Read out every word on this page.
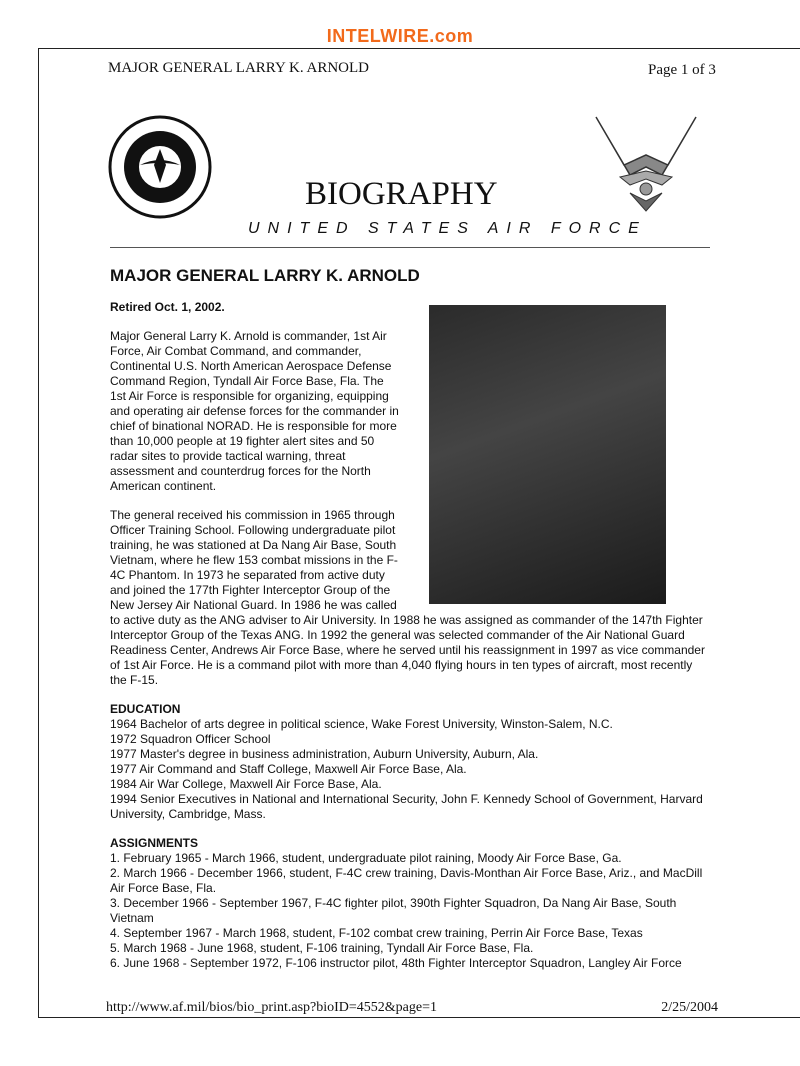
INTELWIRE.com
MAJOR GENERAL LARRY K. ARNOLD	Page 1 of 3
BIOGRAPHY
UNITED STATES AIR FORCE
MAJOR GENERAL LARRY K. ARNOLD
Retired Oct. 1, 2002.

Major General Larry K. Arnold is commander, 1st Air Force, Air Combat Command, and commander, Continental U.S. North American Aerospace Defense Command Region, Tyndall Air Force Base, Fla. The 1st Air Force is responsible for organizing, equipping and operating air defense forces for the commander in chief of binational NORAD. He is responsible for more than 10,000 people at 19 fighter alert sites and 50 radar sites to provide tactical warning, threat assessment and counterdrug forces for the North American continent.

The general received his commission in 1965 through Officer Training School. Following undergraduate pilot training, he was stationed at Da Nang Air Base, South Vietnam, where he flew 153 combat missions in the F-4C Phantom. In 1973 he separated from active duty and joined the 177th Fighter Interceptor Group of the New Jersey Air National Guard. In 1986 he was called to active duty as the ANG adviser to Air University. In 1988 he was assigned as commander of the 147th Fighter Interceptor Group of the Texas ANG. In 1992 the general was selected commander of the Air National Guard Readiness Center, Andrews Air Force Base, where he served until his reassignment in 1997 as vice commander of 1st Air Force. He is a command pilot with more than 4,040 flying hours in ten types of aircraft, most recently the F-15.

EDUCATION
1964 Bachelor of arts degree in political science, Wake Forest University, Winston-Salem, N.C.
1972 Squadron Officer School
1977 Master's degree in business administration, Auburn University, Auburn, Ala.
1977 Air Command and Staff College, Maxwell Air Force Base, Ala.
1984 Air War College, Maxwell Air Force Base, Ala.
1994 Senior Executives in National and International Security, John F. Kennedy School of Government, Harvard University, Cambridge, Mass.
ASSIGNMENTS
1. February 1965 - March 1966, student, undergraduate pilot raining, Moody Air Force Base, Ga.
2. March 1966 - December 1966, student, F-4C crew training, Davis-Monthan Air Force Base, Ariz., and MacDill Air Force Base, Fla.
3. December 1966 - September 1967, F-4C fighter pilot, 390th Fighter Squadron, Da Nang Air Base, South Vietnam
4. September 1967 - March 1968, student, F-102 combat crew training, Perrin Air Force Base, Texas
5. March 1968 - June 1968, student, F-106 training, Tyndall Air Force Base, Fla.
6. June 1968 - September 1972, F-106 instructor pilot, 48th Fighter Interceptor Squadron, Langley Air Force
http://www.af.mil/bios/bio_print.asp?bioID=4552&page=1	2/25/2004
